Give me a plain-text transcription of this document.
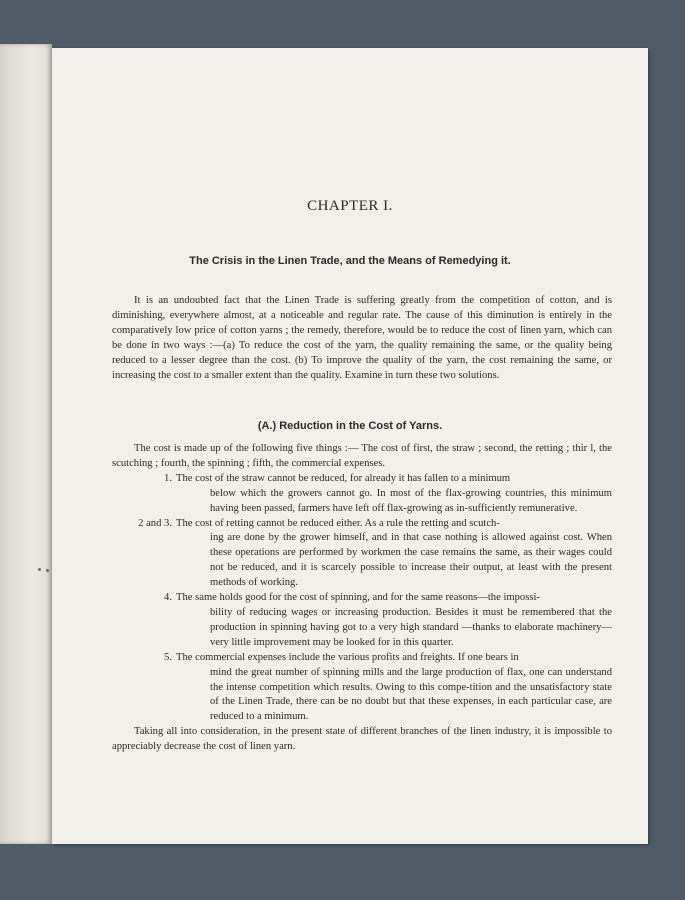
CHAPTER I.
The Crisis in the Linen Trade, and the Means of Remedying it.

It is an undoubted fact that the Linen Trade is suffering greatly from the competition of cotton, and is diminishing, everywhere almost, at a noticeable and regular rate. The cause of this diminution is entirely in the comparatively low price of cotton yarns ; the remedy, therefore, would be to reduce the cost of linen yarn, which can be done in two ways :—(a) To reduce the cost of the yarn, the quality remaining the same, or the quality being reduced to a lesser degree than the cost. (b) To improve the quality of the yarn, the cost remaining the same, or increasing the cost to a smaller extent than the quality. Examine in turn these two solutions.

(A.) Reduction in the Cost of Yarns.

The cost is made up of the following five things :— The cost of first, the straw ; second, the retting ; thir l, the scutching ; fourth, the spinning ; fifth, the commercial expenses.

1. The cost of the straw cannot be reduced, for already it has fallen to a minimum
below which the growers cannot go. In most of the flax-growing countries, this minimum having been passed, farmers have left off flax-growing as in-sufficiently remunerative.
2 and 3. The cost of retting cannot be reduced either. As a rule the retting and scutch-
ing are done by the grower himself, and in that case nothing is allowed against cost. When these operations are performed by workmen the case remains the same, as their wages could not be reduced, and it is scarcely possible to increase their output, at least with the present methods of working.
4. The same holds good for the cost of spinning, and for the same reasons—the impossi-
bility of reducing wages or increasing production. Besides it must be remembered that the production in spinning having got to a very high standard —thanks to elaborate machinery—very little improvement may be looked for in this quarter.
5. The commercial expenses include the various profits and freights. If one bears in
mind the great number of spinning mills and the large production of flax, one can understand the intense competition which results. Owing to this compe-tition and the unsatisfactory state of the Linen Trade, there can be no doubt but that these expenses, in each particular case, are reduced to a minimum.

Taking all into consideration, in the present state of different branches of the linen industry, it is impossible to appreciably decrease the cost of linen yarn.
